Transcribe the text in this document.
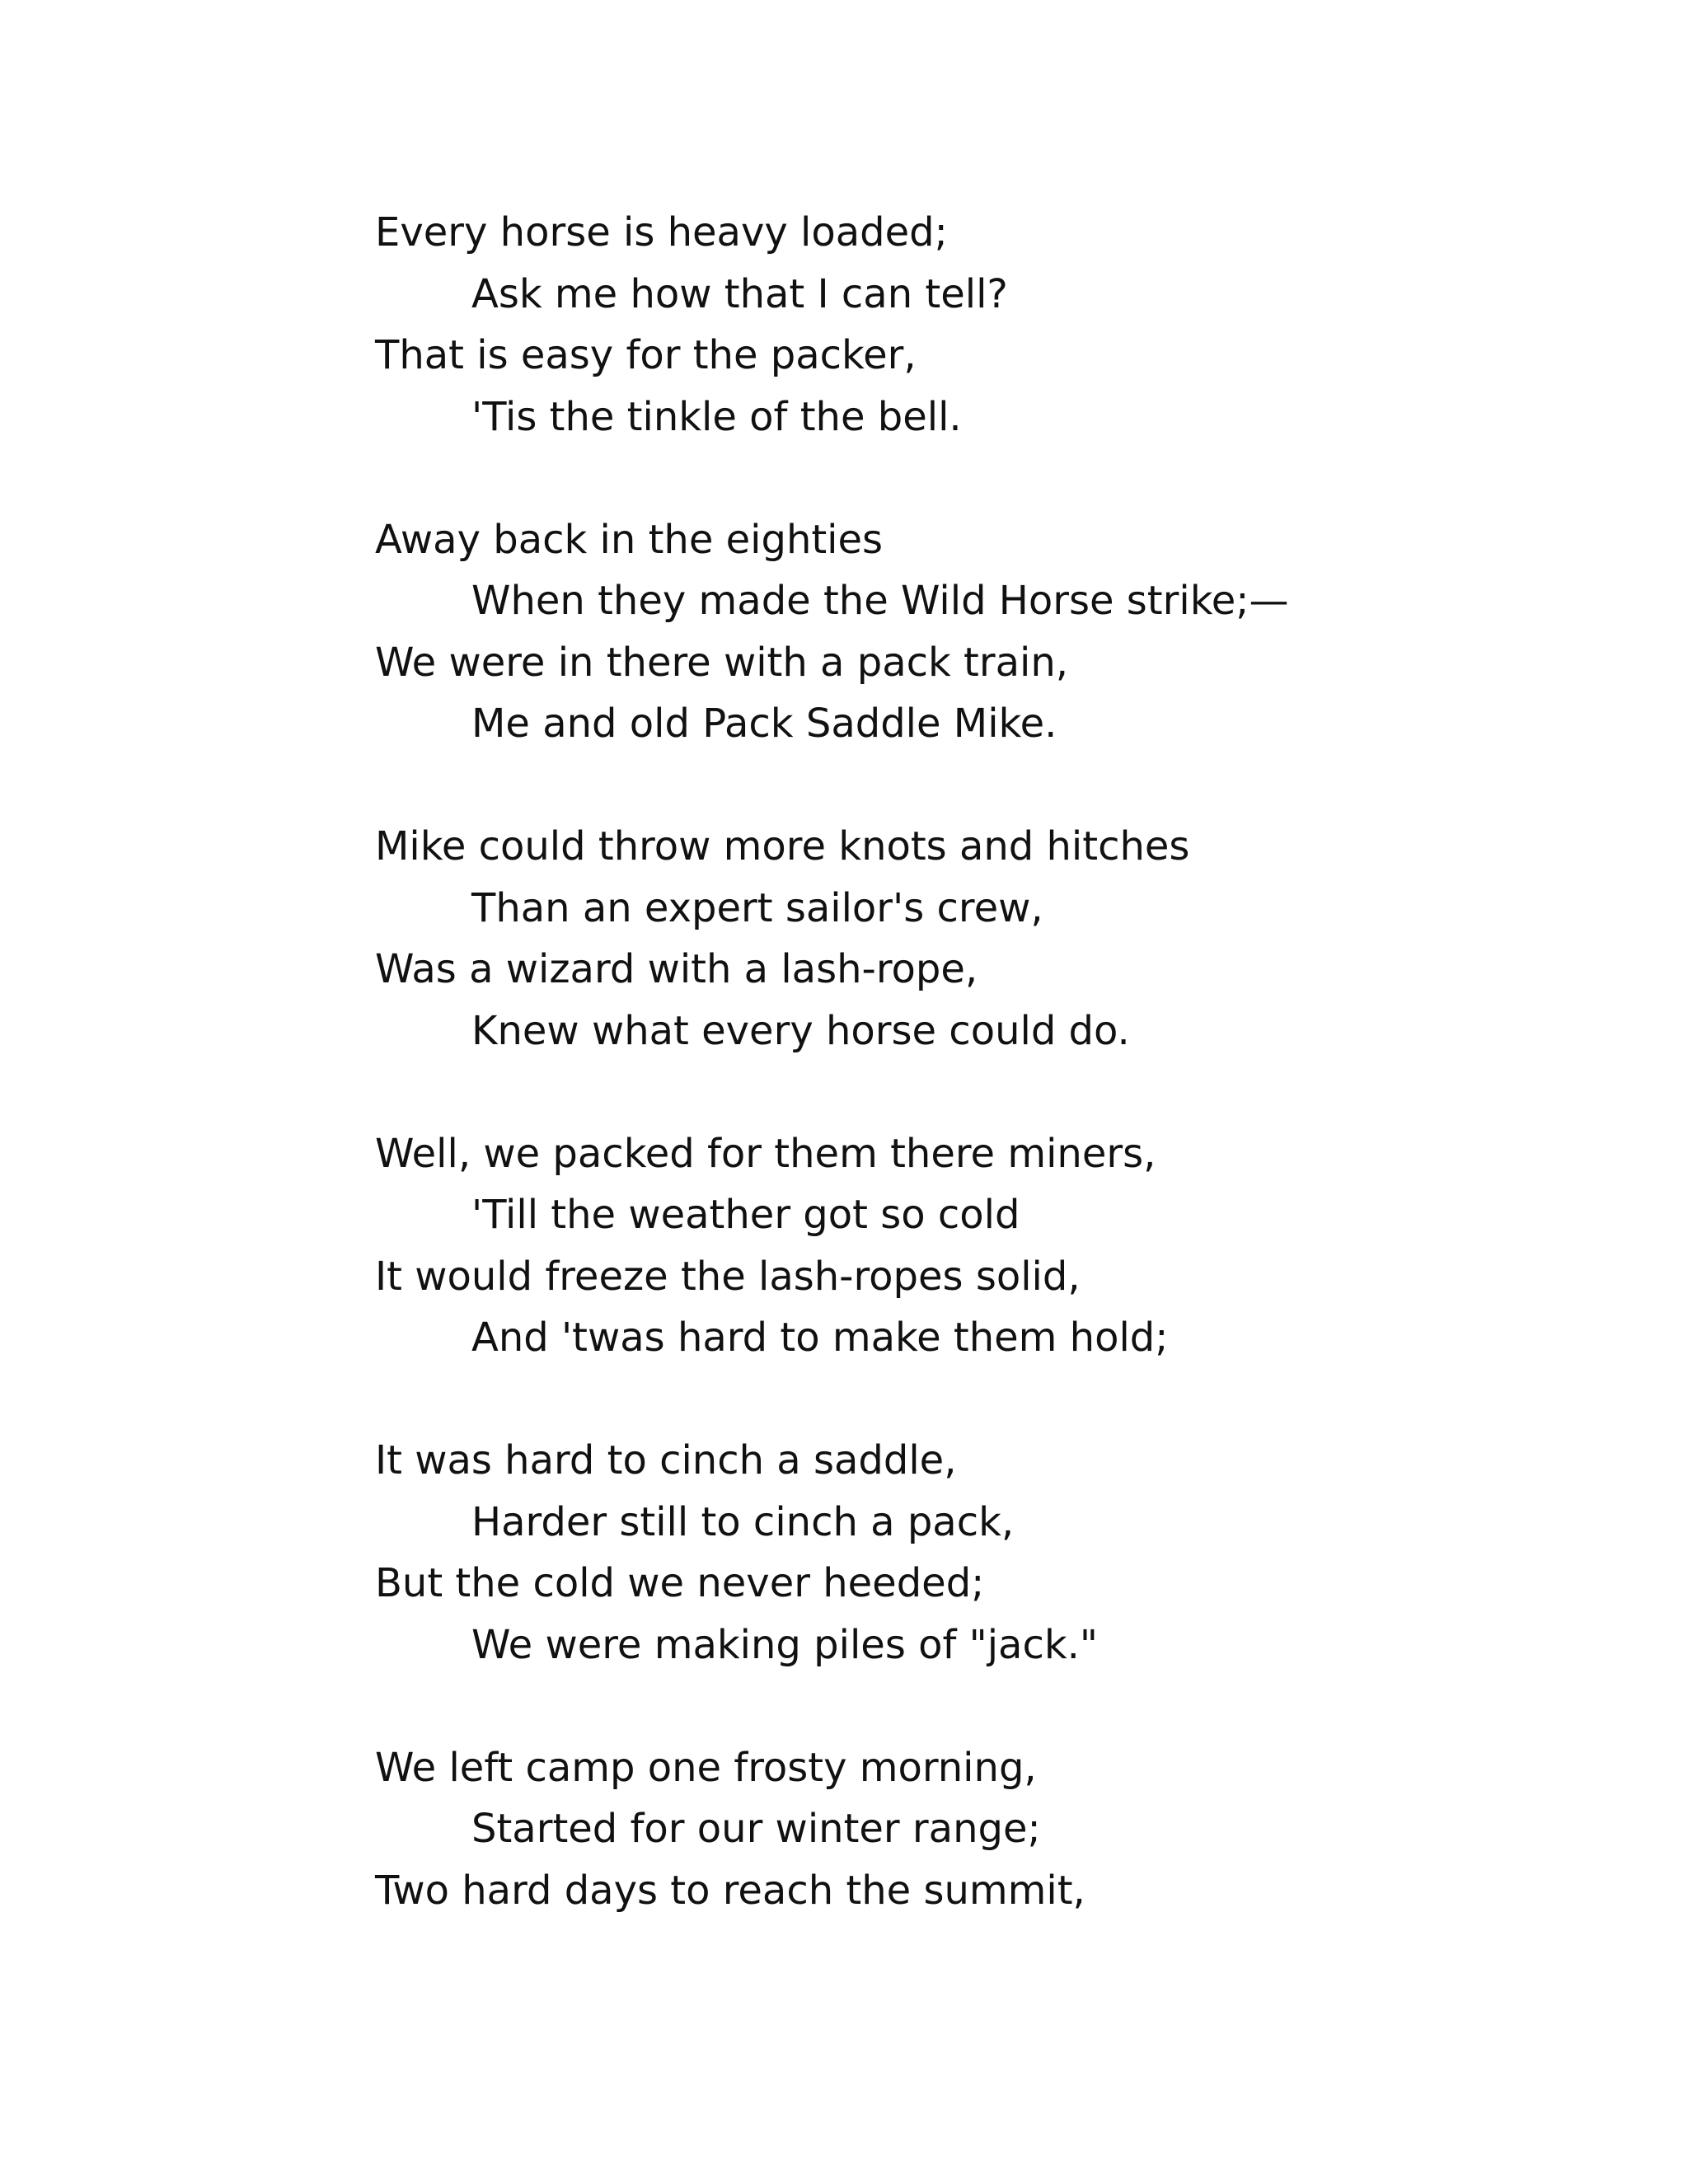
Every horse is heavy loaded;
Ask me how that I can tell?
That is easy for the packer,
'Tis the tinkle of the bell.
Away back in the eighties
When they made the Wild Horse strike;—
We were in there with a pack train,
Me and old Pack Saddle Mike.
Mike could throw more knots and hitches
Than an expert sailor's crew,
Was a wizard with a lash-rope,
Knew what every horse could do.
Well, we packed for them there miners,
'Till the weather got so cold
It would freeze the lash-ropes solid,
And 'twas hard to make them hold;
It was hard to cinch a saddle,
Harder still to cinch a pack,
But the cold we never heeded;
We were making piles of "jack."
We left camp one frosty morning,
Started for our winter range;
Two hard days to reach the summit,
